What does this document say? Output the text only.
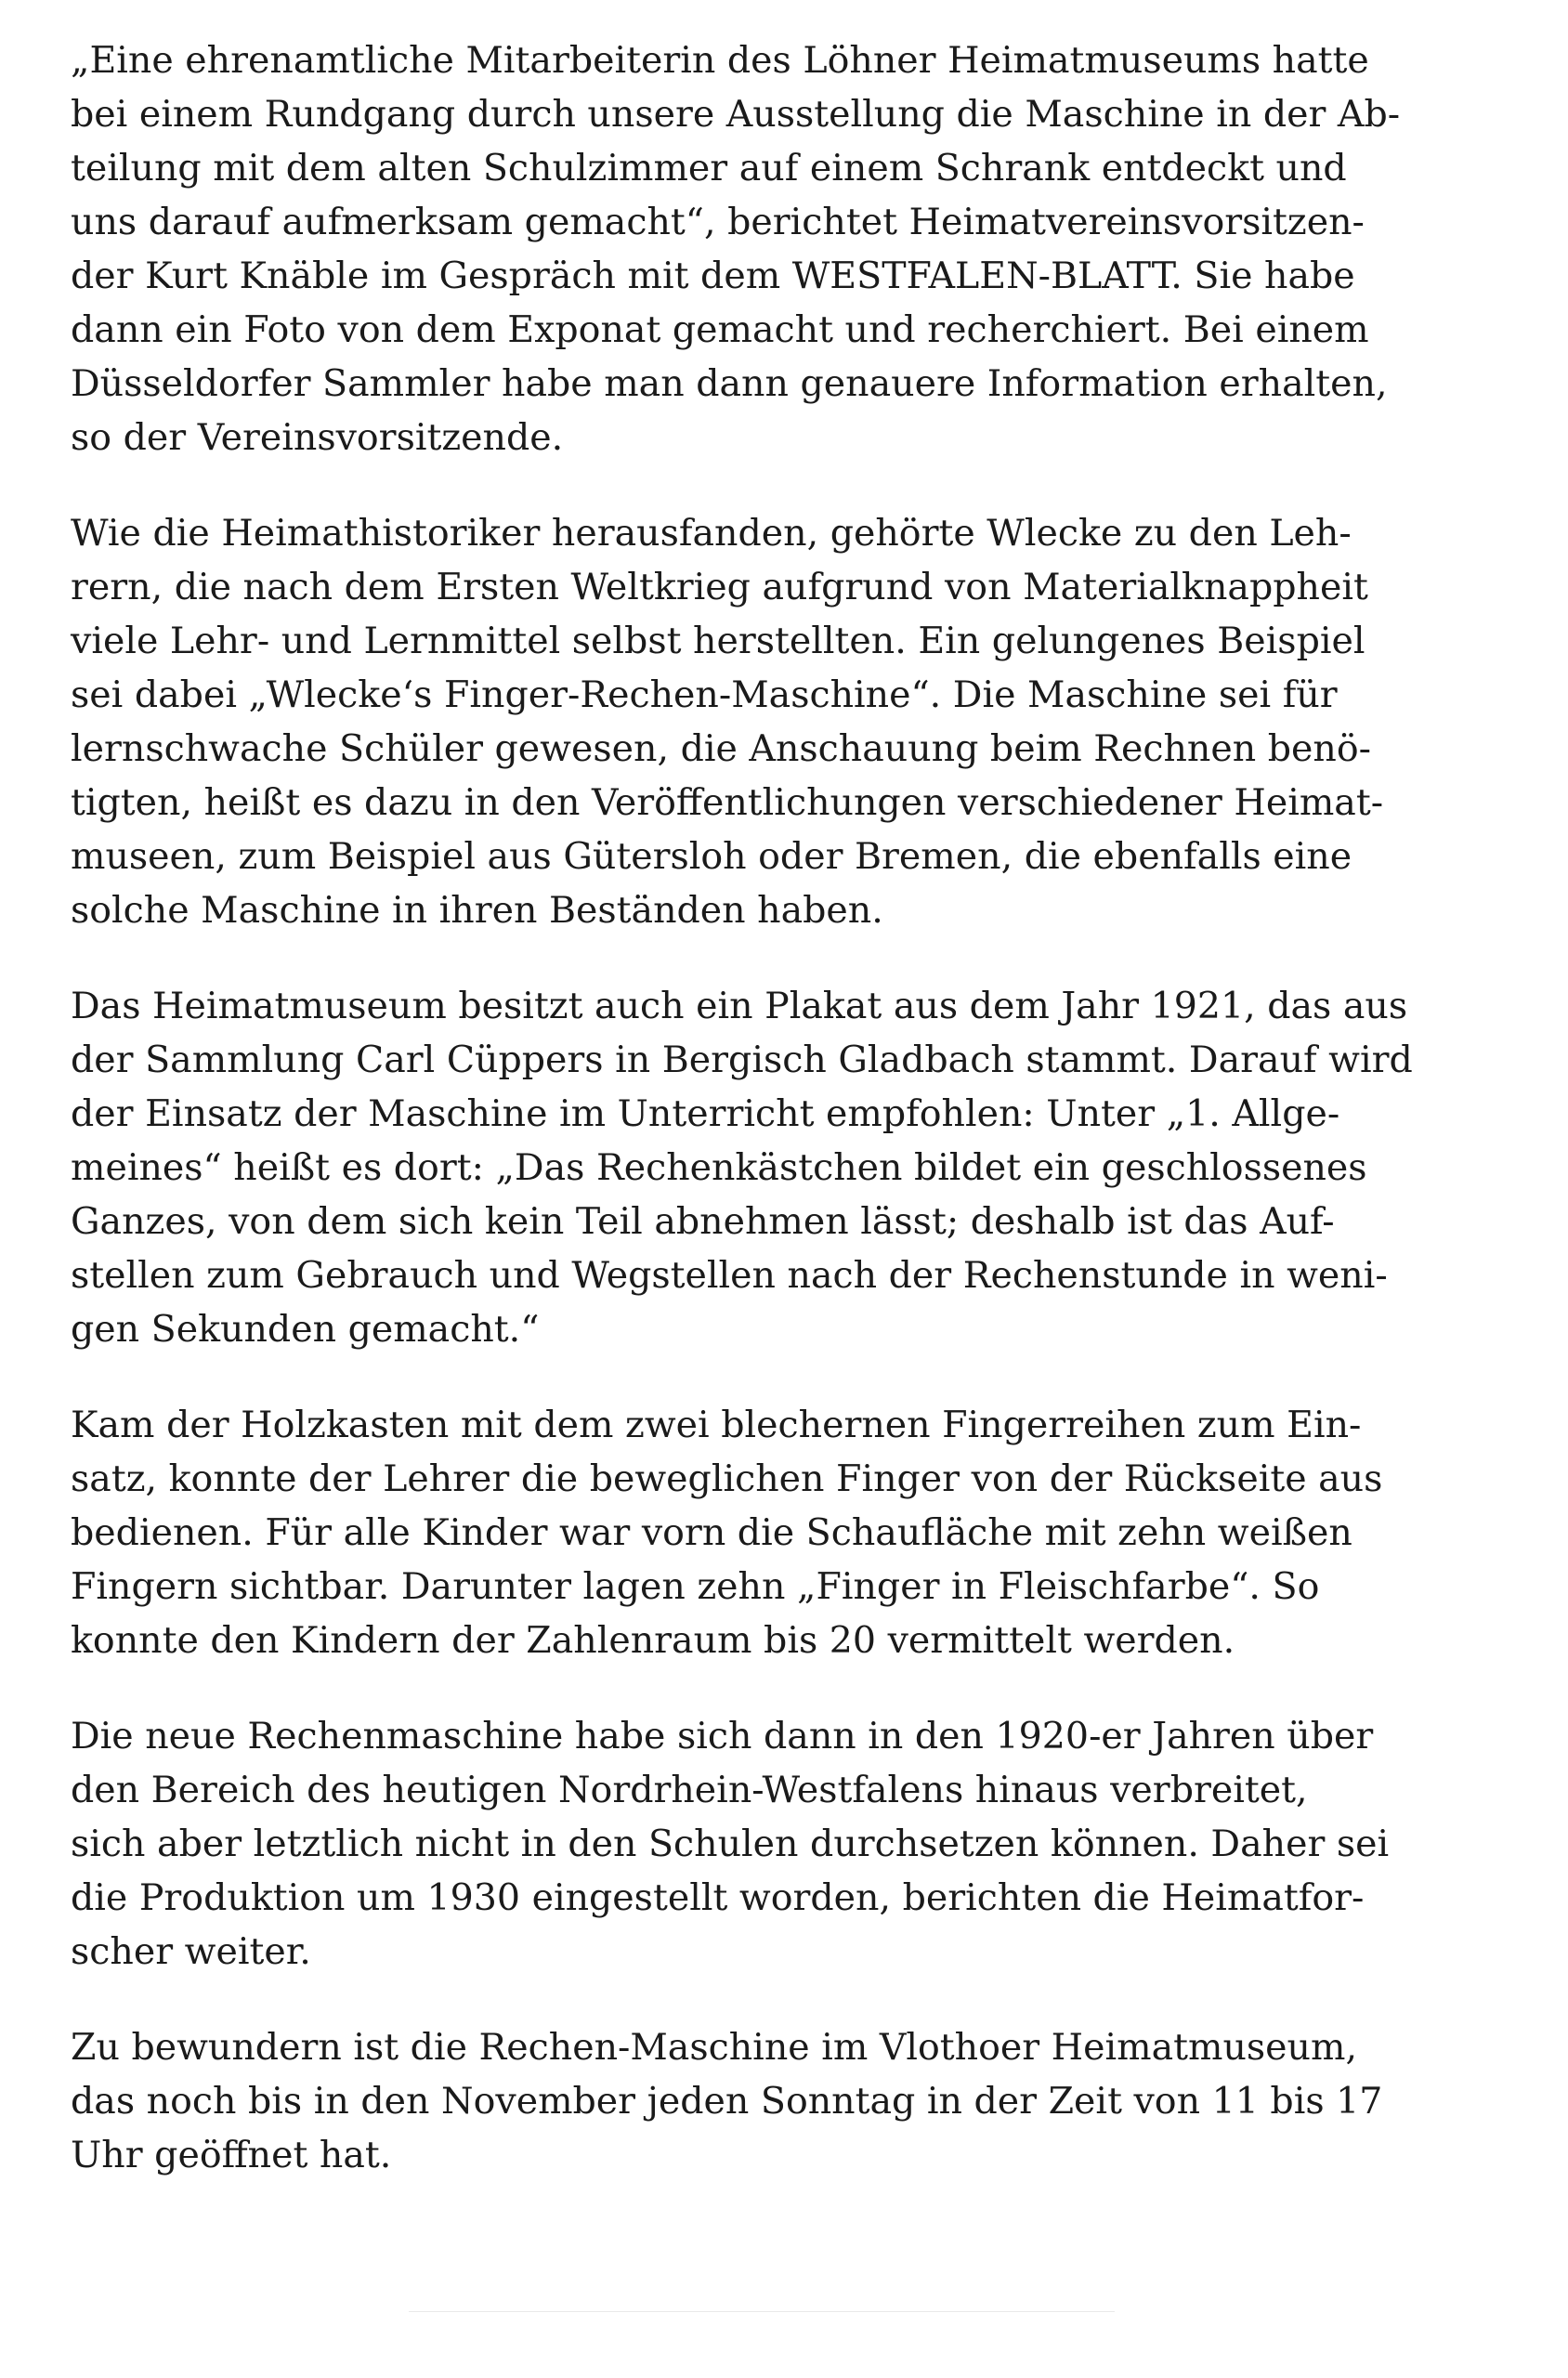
„Eine ehrenamtliche Mitarbeiterin des Löhner Heimatmuseums hatte
bei einem Rundgang durch unsere Ausstellung die Maschine in der Ab-
teilung mit dem alten Schulzimmer auf einem Schrank entdeckt und
uns darauf aufmerksam gemacht“, berichtet Heimatvereinsvorsitzen-
der Kurt Knäble im Gespräch mit dem WESTFALEN-BLATT. Sie habe
dann ein Foto von dem Exponat gemacht und recherchiert. Bei einem
Düsseldorfer Sammler habe man dann genauere Information erhalten,
so der Vereinsvorsitzende.

Wie die Heimathistoriker herausfanden, gehörte Wlecke zu den Leh-
rern, die nach dem Ersten Weltkrieg aufgrund von Materialknappheit
viele Lehr- und Lernmittel selbst herstellten. Ein gelungenes Beispiel
sei dabei „Wlecke‘s Finger-Rechen-Maschine“. Die Maschine sei für
lernschwache Schüler gewesen, die Anschauung beim Rechnen benö-
tigten, heißt es dazu in den Veröffentlichungen verschiedener Heimat-
museen, zum Beispiel aus Gütersloh oder Bremen, die ebenfalls eine
solche Maschine in ihren Beständen haben.

Das Heimatmuseum besitzt auch ein Plakat aus dem Jahr 1921, das aus
der Sammlung Carl Cüppers in Bergisch Gladbach stammt. Darauf wird
der Einsatz der Maschine im Unterricht empfohlen: Unter „1. Allge-
meines“ heißt es dort: „Das Rechenkästchen bildet ein geschlossenes
Ganzes, von dem sich kein Teil abnehmen lässt; deshalb ist das Auf-
stellen zum Gebrauch und Wegstellen nach der Rechenstunde in weni-
gen Sekunden gemacht.“

Kam der Holzkasten mit dem zwei blechernen Fingerreihen zum Ein-
satz, konnte der Lehrer die beweglichen Finger von der Rückseite aus
bedienen. Für alle Kinder war vorn die Schaufläche mit zehn weißen
Fingern sichtbar. Darunter lagen zehn „Finger in Fleischfarbe“. So
konnte den Kindern der Zahlenraum bis 20 vermittelt werden.

Die neue Rechenmaschine habe sich dann in den 1920-er Jahren über
den Bereich des heutigen Nordrhein-Westfalens hinaus verbreitet,
sich aber letztlich nicht in den Schulen durchsetzen können. Daher sei
die Produktion um 1930 eingestellt worden, berichten die Heimatfor-
scher weiter.

Zu bewundern ist die Rechen-Maschine im Vlothoer Heimatmuseum,
das noch bis in den November jeden Sonntag in der Zeit von 11 bis 17
Uhr geöffnet hat.
